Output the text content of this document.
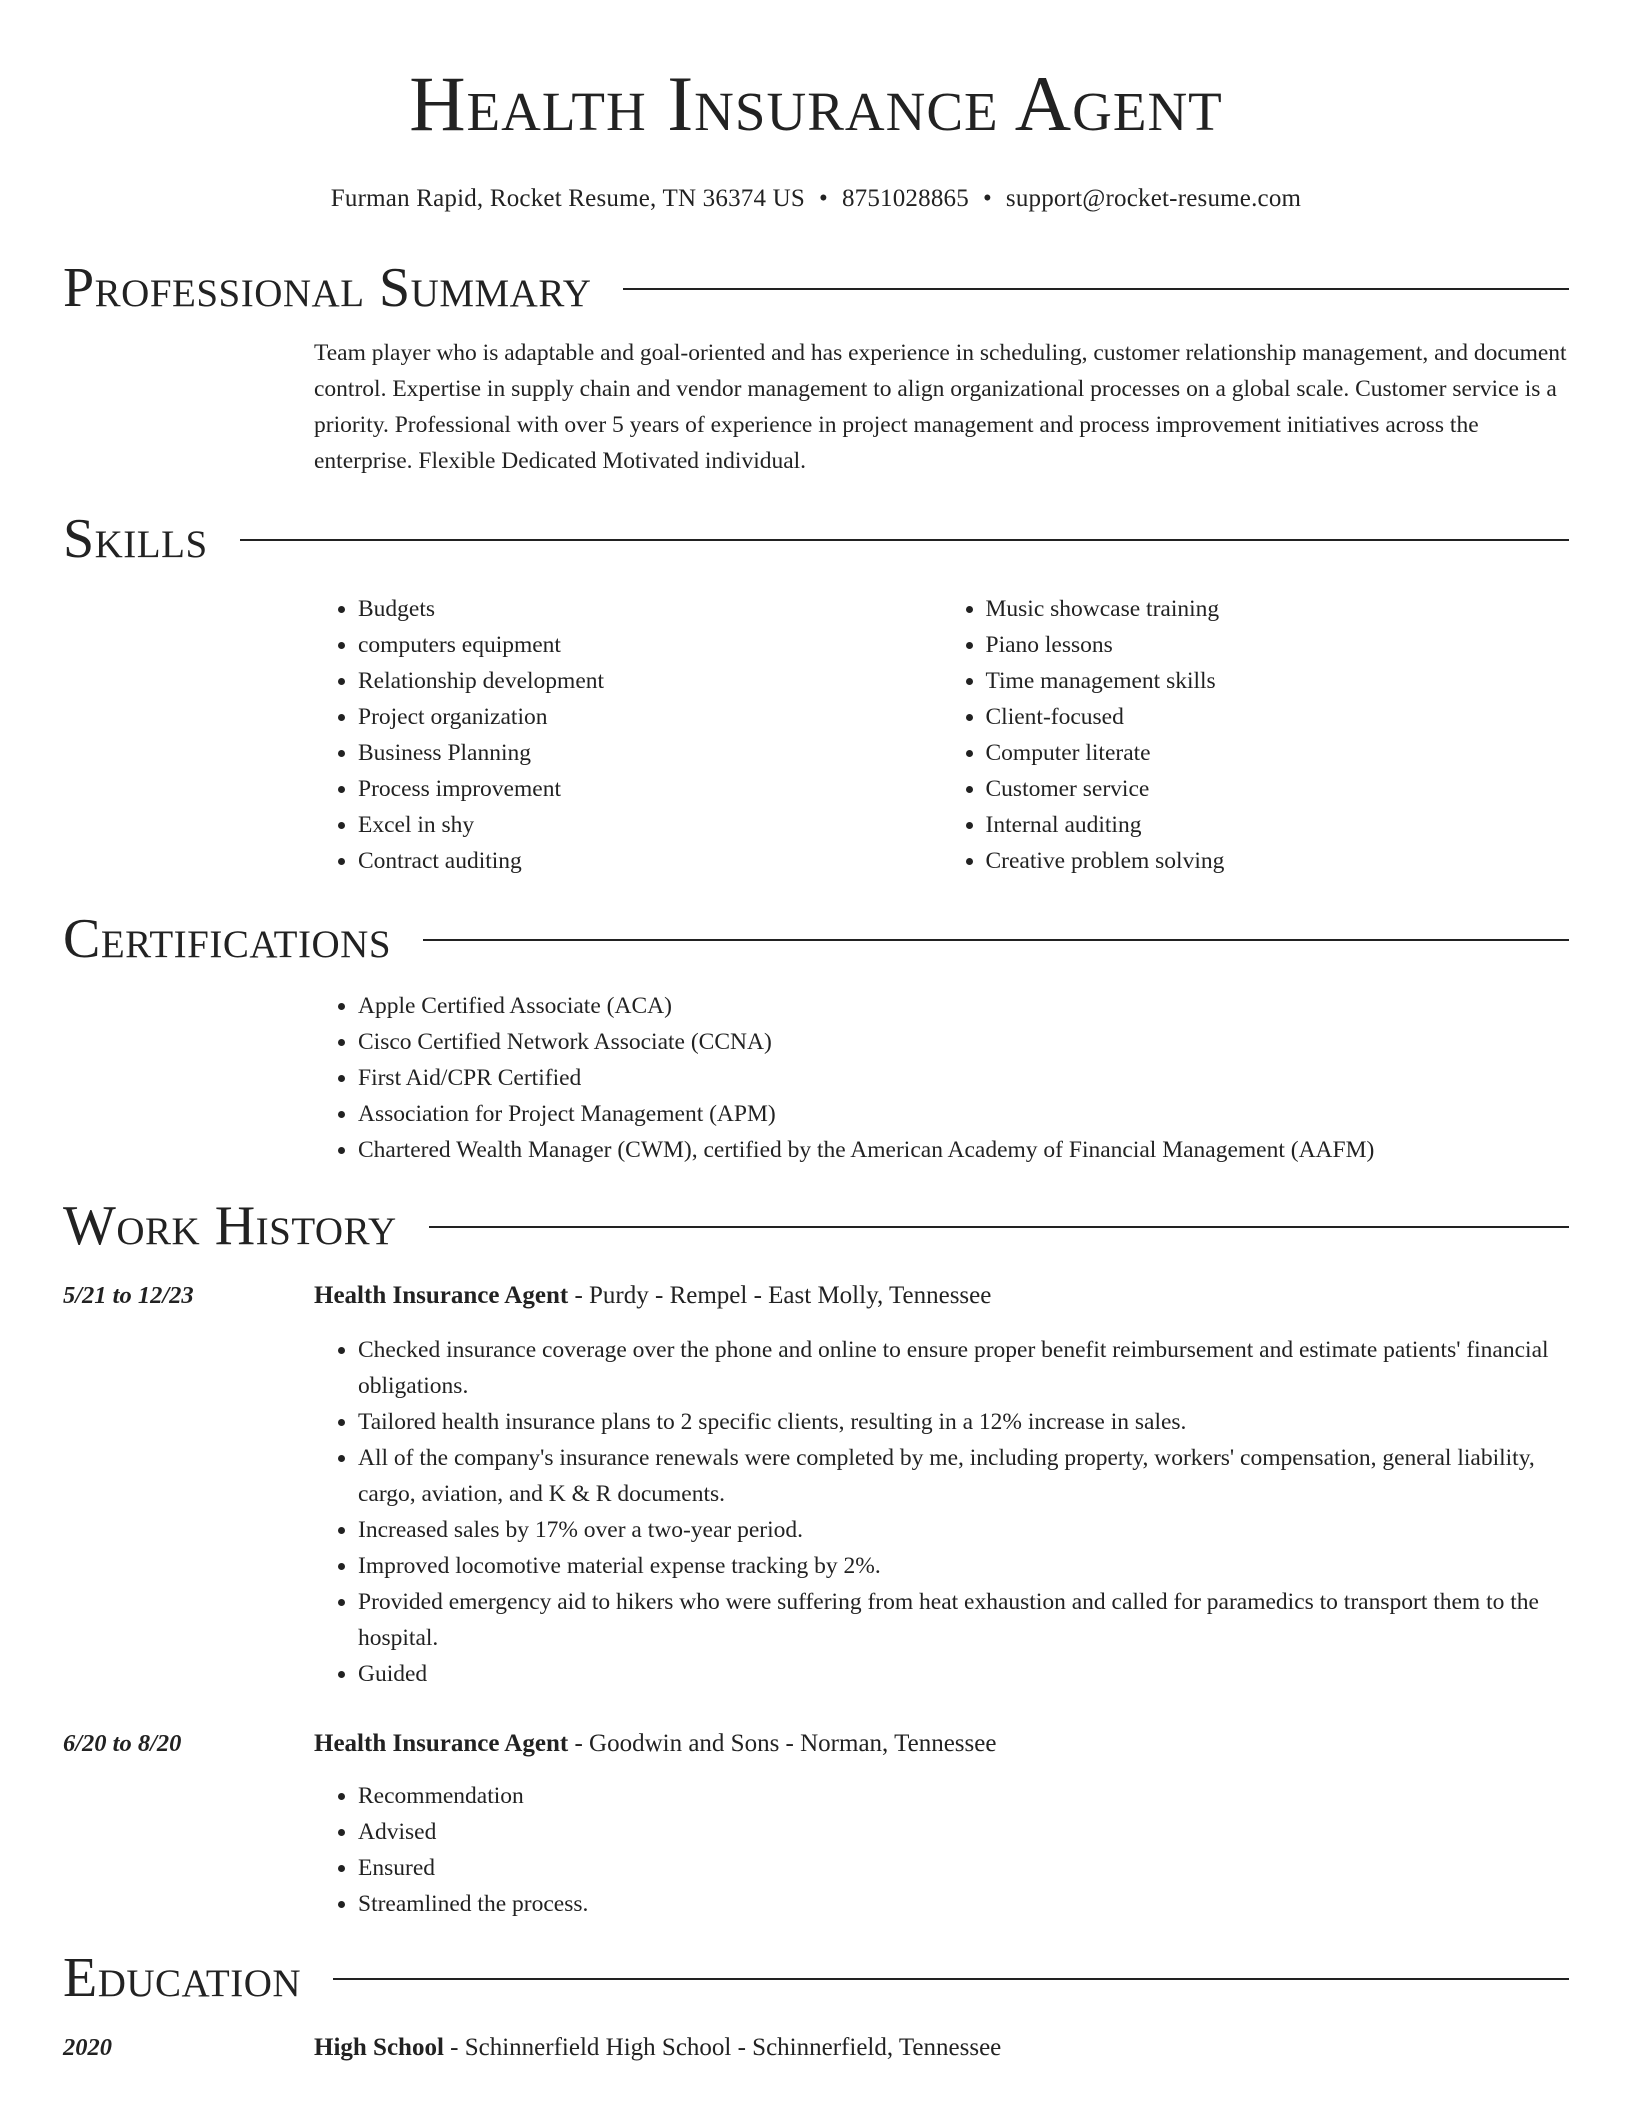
Health Insurance Agent
Furman Rapid, Rocket Resume, TN 36374 US • 8751028865 • support@rocket-resume.com
Professional Summary
Team player who is adaptable and goal-oriented and has experience in scheduling, customer relationship management, and document control. Expertise in supply chain and vendor management to align organizational processes on a global scale. Customer service is a priority. Professional with over 5 years of experience in project management and process improvement initiatives across the enterprise. Flexible Dedicated Motivated individual.
Skills
• Budgets
• computers equipment
• Relationship development
• Project organization
• Business Planning
• Process improvement
• Excel in shy
• Contract auditing
• Music showcase training
• Piano lessons
• Time management skills
• Client-focused
• Computer literate
• Customer service
• Internal auditing
• Creative problem solving
Certifications
• Apple Certified Associate (ACA)
• Cisco Certified Network Associate (CCNA)
• First Aid/CPR Certified
• Association for Project Management (APM)
• Chartered Wealth Manager (CWM), certified by the American Academy of Financial Management (AAFM)
Work History
5/21 to 12/23	Health Insurance Agent - Purdy - Rempel - East Molly, Tennessee
• Checked insurance coverage over the phone and online to ensure proper benefit reimbursement and estimate patients' financial obligations.
• Tailored health insurance plans to 2 specific clients, resulting in a 12% increase in sales.
• All of the company's insurance renewals were completed by me, including property, workers' compensation, general liability, cargo, aviation, and K & R documents.
• Increased sales by 17% over a two-year period.
• Improved locomotive material expense tracking by 2%.
• Provided emergency aid to hikers who were suffering from heat exhaustion and called for paramedics to transport them to the hospital.
• Guided
6/20 to 8/20	Health Insurance Agent - Goodwin and Sons - Norman, Tennessee
• Recommendation
• Advised
• Ensured
• Streamlined the process.
Education
2020	High School - Schinnerfield High School - Schinnerfield, Tennessee
